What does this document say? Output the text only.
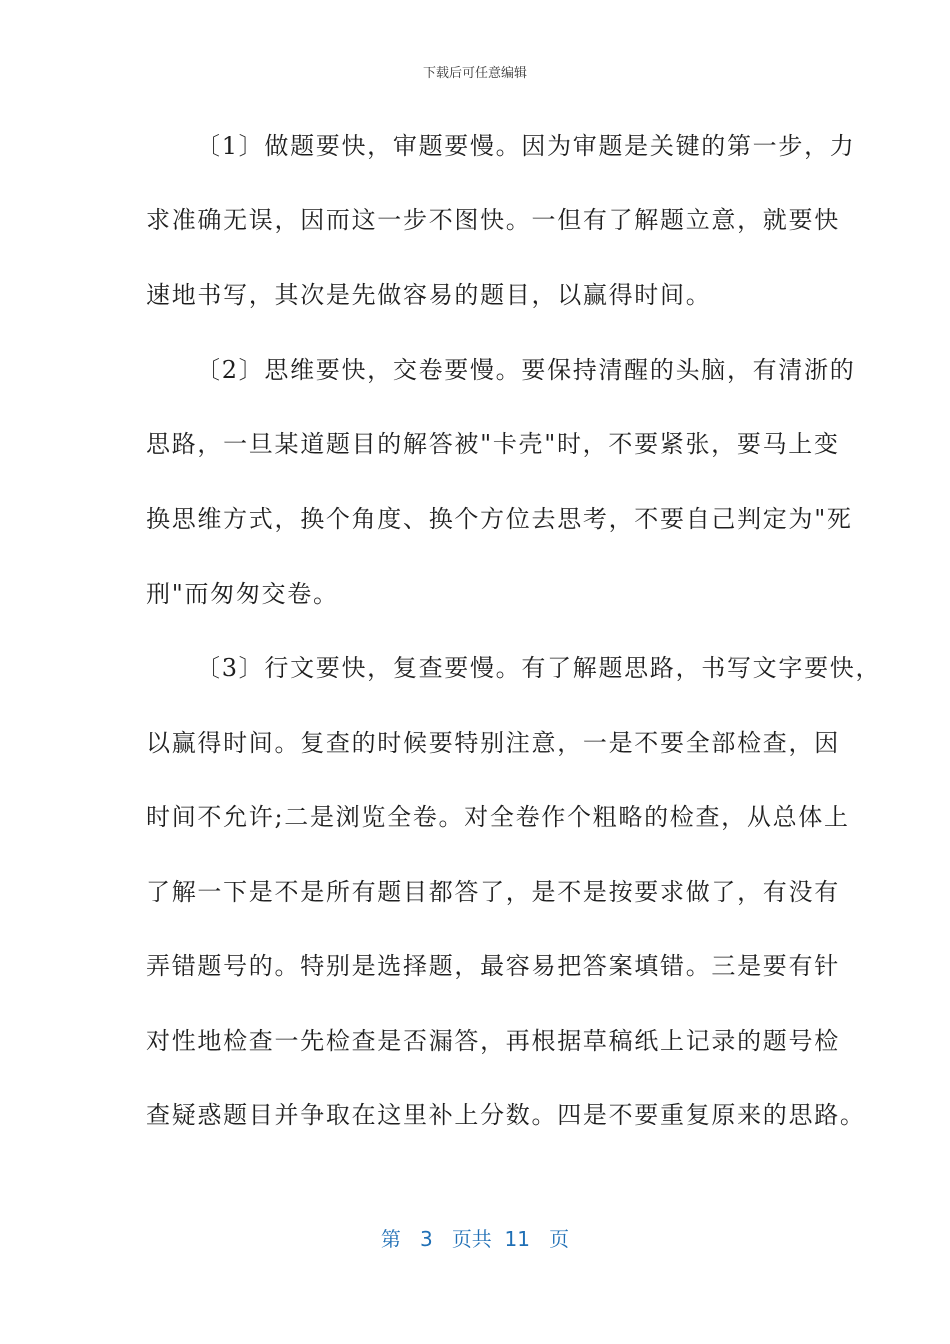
下载后可任意编辑
〔1〕做题要快，审题要慢。因为审题是关键的第一步，力
求准确无误，因而这一步不图快。一但有了解题立意，就要快
速地书写，其次是先做容易的题目，以赢得时间。
〔2〕思维要快，交卷要慢。要保持清醒的头脑，有清浙的
思路，一旦某道题目的解答被"卡壳"时，不要紧张，要马上变
换思维方式，换个角度、换个方位去思考，不要自己判定为"死
刑"而匆匆交卷。
〔3〕行文要快，复查要慢。有了解题思路，书写文字要快，
以赢得时间。复查的时候要特别注意，一是不要全部检查，因
时间不允许;二是浏览全卷。对全卷作个粗略的检查，从总体上
了解一下是不是所有题目都答了，是不是按要求做了，有没有
弄错题号的。特别是选择题，最容易把答案填错。三是要有针
对性地检查一先检查是否漏答，再根据草稿纸上记录的题号检
查疑惑题目并争取在这里补上分数。四是不要重复原来的思路。
第 3 页共 11 页
